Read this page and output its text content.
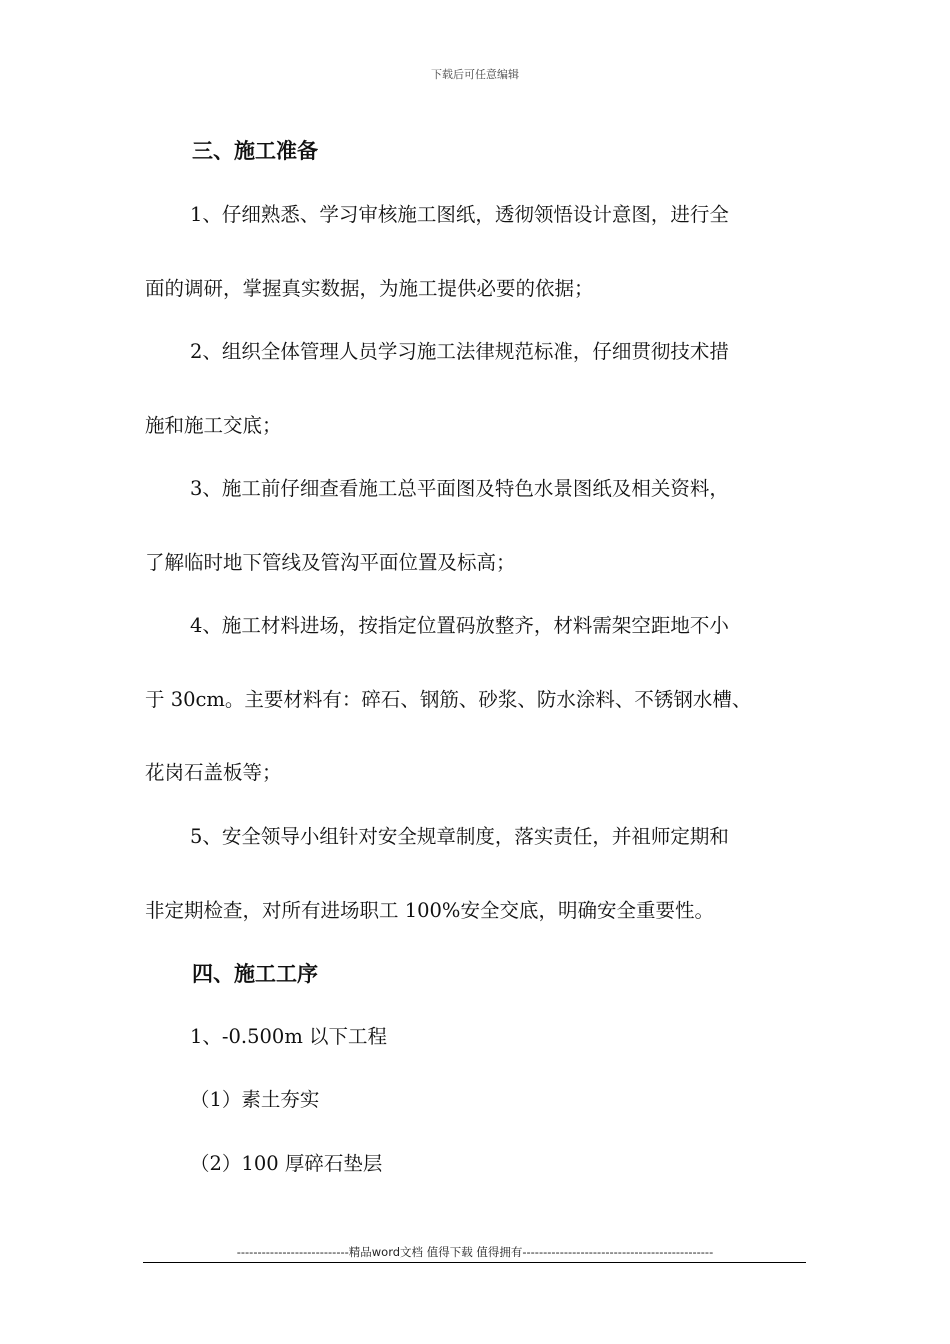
下载后可任意编辑

三、施工准备

1、仔细熟悉、学习审核施工图纸，透彻领悟设计意图，进行全

面的调研，掌握真实数据，为施工提供必要的依据；

2、组织全体管理人员学习施工法律规范标准，仔细贯彻技术措

施和施工交底；

3、施工前仔细查看施工总平面图及特色水景图纸及相关资料，

了解临时地下管线及管沟平面位置及标高；

4、施工材料进场，按指定位置码放整齐，材料需架空距地不小

于 30cm。主要材料有：碎石、钢筋、砂浆、防水涂料、不锈钢水槽、

花岗石盖板等；

5、安全领导小组针对安全规章制度，落实责任，并祖师定期和

非定期检查，对所有进场职工 100%安全交底，明确安全重要性。

四、施工工序

1、-0.500m 以下工程

（1）素土夯实

（2）100 厚碎石垫层

---------------------------精品word文档 值得下载 值得拥有----------------------------------------------
